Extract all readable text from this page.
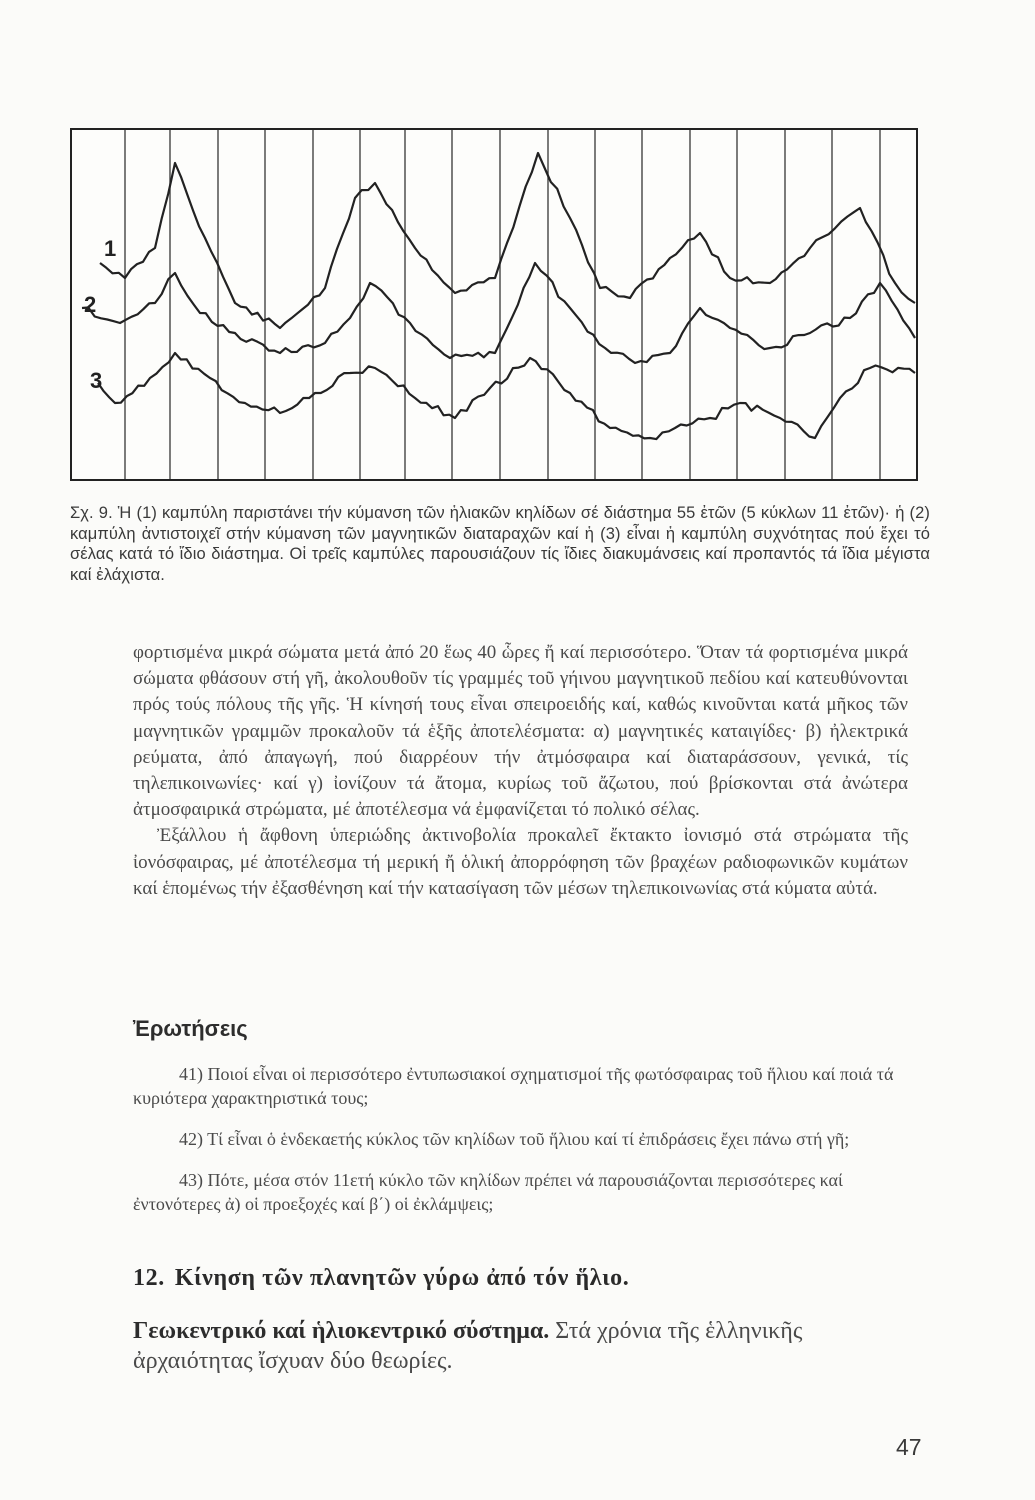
1
2
3
Σχ. 9. Ἡ (1) καμπύλη παριστάνει τήν κύμανση τῶν ἡλιακῶν κηλίδων σέ διάστημα 55 ἐτῶν (5 κύκλων 11 ἐτῶν)· ἡ (2) καμπύλη ἀντιστοιχεῖ στήν κύμανση τῶν μαγνητικῶν διαταραχῶν καί ἡ (3) εἶναι ἡ καμπύλη συχνότητας πού ἔχει τό σέλας κατά τό ἴδιο διάστημα. Οἱ τρεῖς καμπύλες παρουσιάζουν τίς ἴδιες διακυμάνσεις καί προπαντός τά ἴδια μέγιστα καί ἐλάχιστα.

φορτισμένα μικρά σώματα μετά ἀπό 20 ἕως 40 ὧρες ἤ καί περισσότερο. Ὅταν τά φορτισμένα μικρά σώματα φθάσουν στή γῆ, ἀκολουθοῦν τίς γραμμές τοῦ γήινου μαγνητικοῦ πεδίου καί κατευθύνονται πρός τούς πόλους τῆς γῆς. Ἡ κίνησή τους εἶναι σπειροειδής καί, καθώς κινοῦνται κατά μῆκος τῶν μαγνητικῶν γραμμῶν προκαλοῦν τά ἑξῆς ἀποτελέσματα: α) μαγνητικές καταιγίδες· β) ἠλεκτρικά ρεύματα, ἀπό ἀπαγωγή, πού διαρρέουν τήν ἀτμόσφαιρα καί διαταράσσουν, γενικά, τίς τηλεπικοινωνίες· καί γ) ἰονίζουν τά ἄτομα, κυρίως τοῦ ἄζωτου, πού βρίσκονται στά ἀνώτερα ἀτμοσφαιρικά στρώματα, μέ ἀποτέλεσμα νά ἐμφανίζεται τό πολικό σέλας.

Ἐξάλλου ἡ ἄφθονη ὑπεριώδης ἀκτινοβολία προκαλεῖ ἔκτακτο ἰονισμό στά στρώματα τῆς ἰονόσφαιρας, μέ ἀποτέλεσμα τή μερική ἤ ὁλική ἀπορρόφηση τῶν βραχέων ραδιοφωνικῶν κυμάτων καί ἑπομένως τήν ἐξασθένηση καί τήν κατασίγαση τῶν μέσων τηλεπικοινωνίας στά κύματα αὐτά.

Ἐρωτήσεις

41) Ποιοί εἶναι οἱ περισσότερο ἐντυπωσιακοί σχηματισμοί τῆς φωτόσφαιρας τοῦ ἥλιου καί ποιά τά κυριότερα χαρακτηριστικά τους;

42) Τί εἶναι ὁ ἑνδεκαετής κύκλος τῶν κηλίδων τοῦ ἥλιου καί τί ἐπιδράσεις ἔχει πάνω στή γῆ;

43) Πότε, μέσα στόν 11ετή κύκλο τῶν κηλίδων πρέπει νά παρουσιάζονται περισσότερες καί ἐντονότερες ἀ) οἱ προεξοχές καί β΄) οἱ ἐκλάμψεις;

12. Κίνηση τῶν πλανητῶν γύρω ἀπό τόν ἥλιο.
Γεωκεντρικό καί ἡλιοκεντρικό σύστημα. Στά χρόνια τῆς ἑλληνικῆς ἀρχαιότητας ἴσχυαν δύο θεωρίες.
47
